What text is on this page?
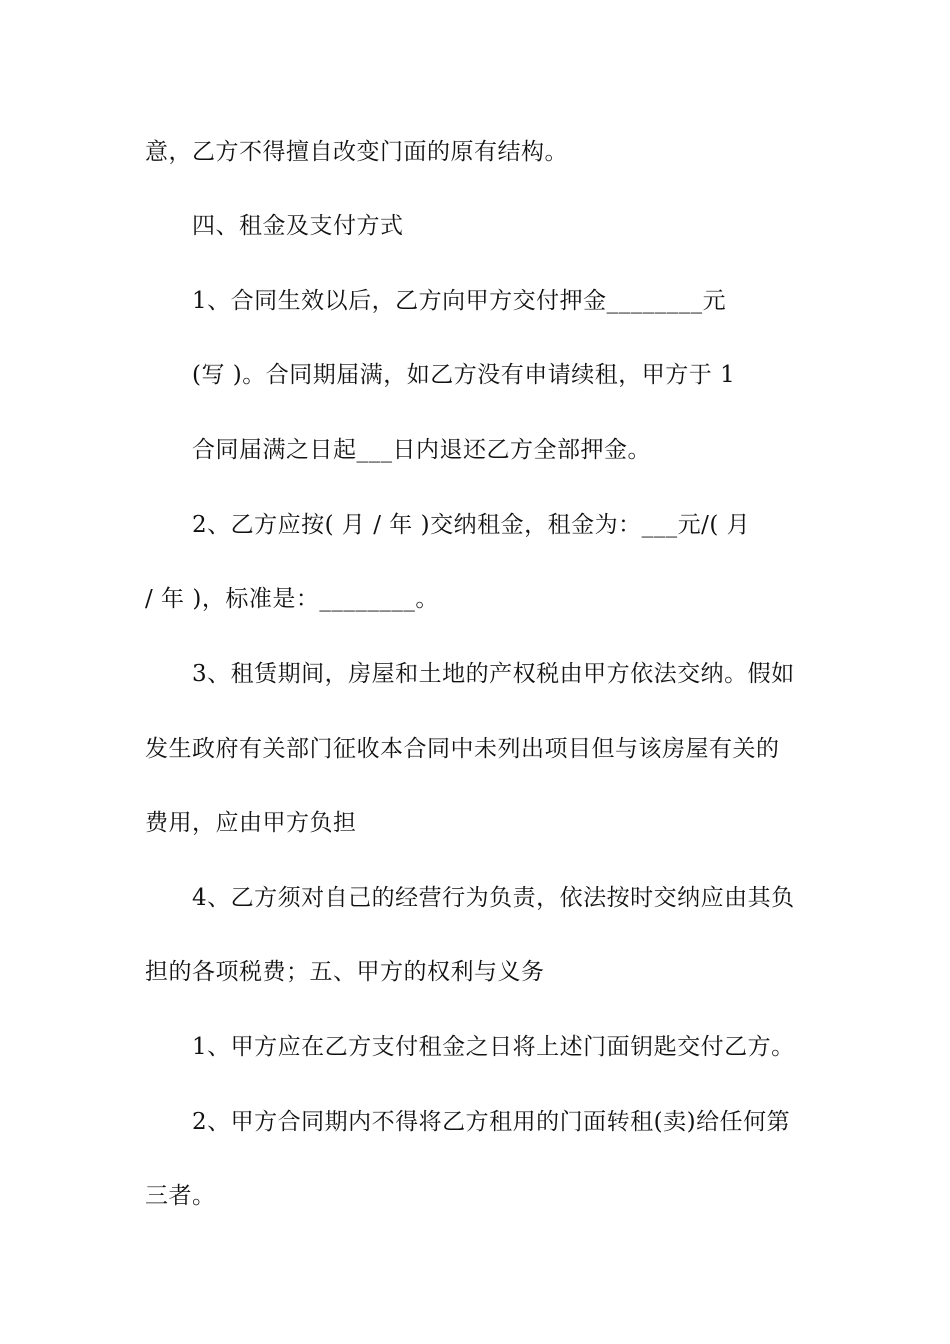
意，乙方不得擅自改变门面的原有结构。
四、租金及支付方式
1、合同生效以后，乙方向甲方交付押金________元
(写 )。合同期届满，如乙方没有申请续租，甲方于 1
合同届满之日起___日内退还乙方全部押金。
2、乙方应按( 月 / 年 )交纳租金，租金为：___元/( 月
/ 年 )，标准是：________。
3、租赁期间，房屋和土地的产权税由甲方依法交纳。假如
发生政府有关部门征收本合同中未列出项目但与该房屋有关的
费用，应由甲方负担
4、乙方须对自己的经营行为负责，依法按时交纳应由其负
担的各项税费；五、甲方的权利与义务
1、甲方应在乙方支付租金之日将上述门面钥匙交付乙方。
2、甲方合同期内不得将乙方租用的门面转租(卖)给任何第
三者。
